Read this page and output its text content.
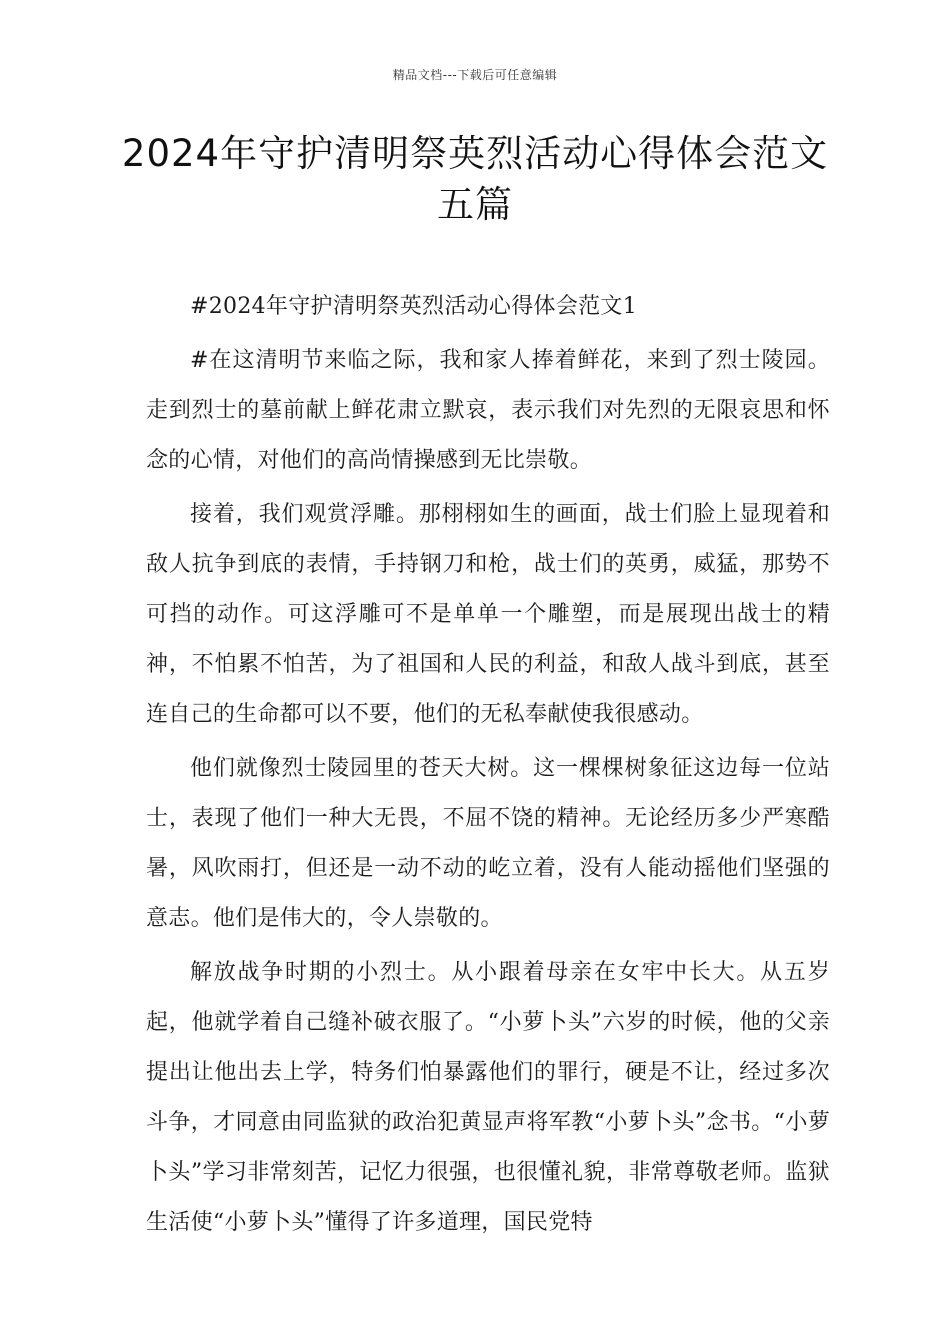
精品文档---下载后可任意编辑
2024年守护清明祭英烈活动心得体会范文五篇

#2024年守护清明祭英烈活动心得体会范文1

#在这清明节来临之际，我和家人捧着鲜花，来到了烈士陵园。走到烈士的墓前献上鲜花肃立默哀，表示我们对先烈的无限哀思和怀念的心情，对他们的高尚情操感到无比崇敬。

接着，我们观赏浮雕。那栩栩如生的画面，战士们脸上显现着和敌人抗争到底的表情，手持钢刀和枪，战士们的英勇，威猛，那势不可挡的动作。可这浮雕可不是单单一个雕塑，而是展现出战士的精神，不怕累不怕苦，为了祖国和人民的利益，和敌人战斗到底，甚至连自己的生命都可以不要，他们的无私奉献使我很感动。

他们就像烈士陵园里的苍天大树。这一棵棵树象征这边每一位站士，表现了他们一种大无畏，不屈不饶的精神。无论经历多少严寒酷暑，风吹雨打，但还是一动不动的屹立着，没有人能动摇他们坚强的意志。他们是伟大的，令人崇敬的。

解放战争时期的小烈士。从小跟着母亲在女牢中长大。从五岁起，他就学着自己缝补破衣服了。“小萝卜头”六岁的时候，他的父亲提出让他出去上学，特务们怕暴露他们的罪行，硬是不让，经过多次斗争，才同意由同监狱的政治犯黄显声将军教“小萝卜头”念书。“小萝卜头”学习非常刻苦，记忆力很强，也很懂礼貌，非常尊敬老师。监狱生活使“小萝卜头”懂得了许多道理，国民党特
